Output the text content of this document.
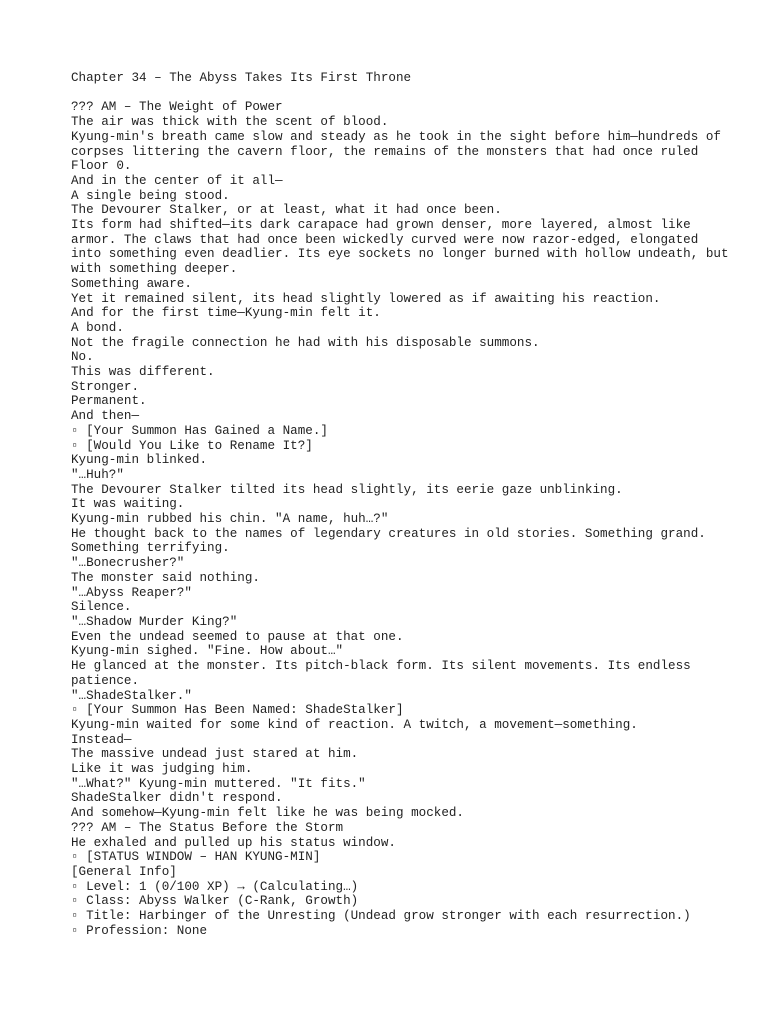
Chapter 34 – The Abyss Takes Its First Throne

??? AM – The Weight of Power

The air was thick with the scent of blood.

Kyung-min's breath came slow and steady as he took in the sight before him—hundreds of corpses littering the cavern floor, the remains of the monsters that had once ruled Floor 0.

And in the center of it all—

A single being stood.

The Devourer Stalker, or at least, what it had once been.

Its form had shifted—its dark carapace had grown denser, more layered, almost like armor. The claws that had once been wickedly curved were now razor-edged, elongated into something even deadlier. Its eye sockets no longer burned with hollow undeath, but with something deeper.

Something aware.

Yet it remained silent, its head slightly lowered as if awaiting his reaction.

And for the first time—Kyung-min felt it.

A bond.

Not the fragile connection he had with his disposable summons.

No.

This was different.

Stronger.

Permanent.

And then—

▫ [Your Summon Has Gained a Name.]

▫ [Would You Like to Rename It?]

Kyung-min blinked.

"…Huh?"

The Devourer Stalker tilted its head slightly, its eerie gaze unblinking.

It was waiting.

Kyung-min rubbed his chin. "A name, huh…?"

He thought back to the names of legendary creatures in old stories. Something grand. Something terrifying.

"…Bonecrusher?"

The monster said nothing.

"…Abyss Reaper?"

Silence.

"…Shadow Murder King?"

Even the undead seemed to pause at that one.

Kyung-min sighed. "Fine. How about…"

He glanced at the monster. Its pitch-black form. Its silent movements. Its endless patience.

"…ShadeStalker."

▫ [Your Summon Has Been Named: ShadeStalker]

Kyung-min waited for some kind of reaction. A twitch, a movement—something.

Instead—

The massive undead just stared at him.

Like it was judging him.

"…What?" Kyung-min muttered. "It fits."

ShadeStalker didn't respond.

And somehow—Kyung-min felt like he was being mocked.

??? AM – The Status Before the Storm

He exhaled and pulled up his status window.

▫ [STATUS WINDOW – HAN KYUNG-MIN]

[General Info]

▫ Level: 1 (0/100 XP) → (Calculating…)

▫ Class: Abyss Walker (C-Rank, Growth)

▫ Title: Harbinger of the Unresting (Undead grow stronger with each resurrection.)

▫ Profession: None
